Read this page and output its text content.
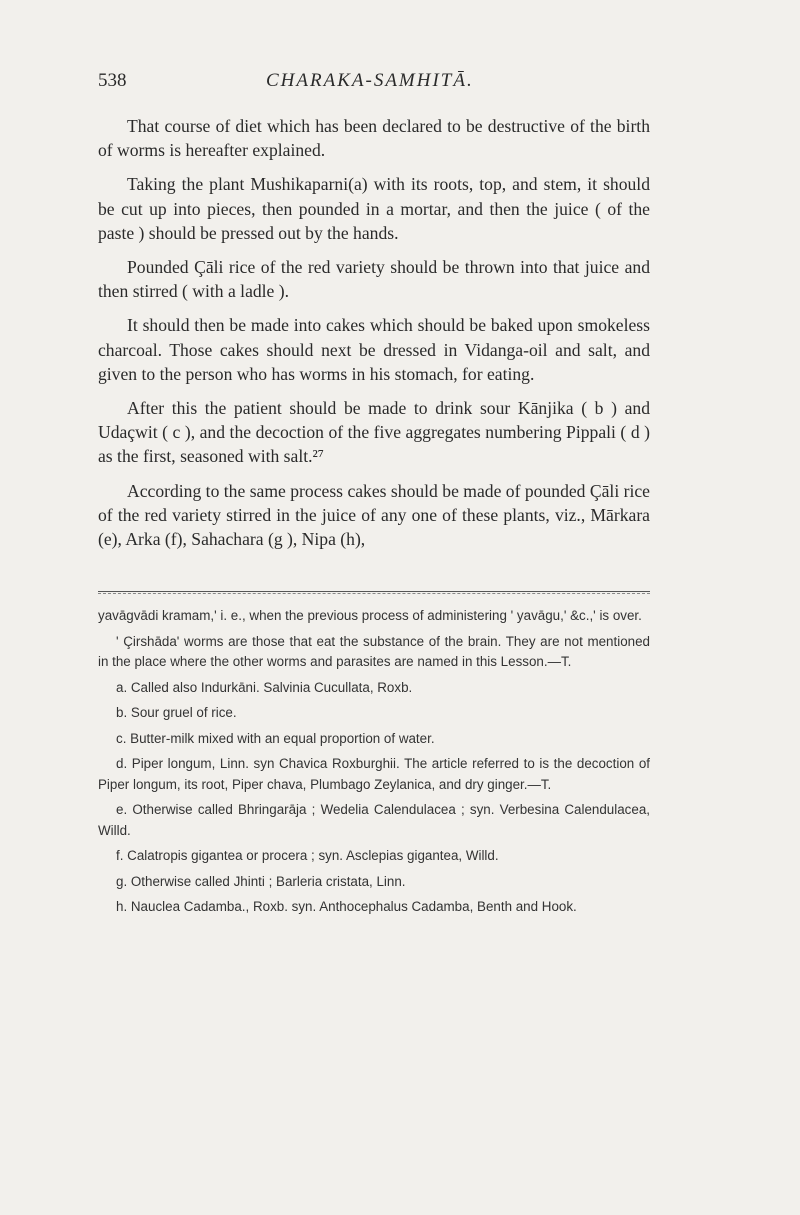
538	CHARAKA-SAMHITĀ.

That course of diet which has been declared to be destructive of the birth of worms is hereafter explained.

Taking the plant Mushikaparni(a) with its roots, top, and stem, it should be cut up into pieces, then pounded in a mortar, and then the juice ( of the paste ) should be pressed out by the hands.

Pounded Çāli rice of the red variety should be thrown into that juice and then stirred ( with a ladle ).

It should then be made into cakes which should be baked upon smokeless charcoal. Those cakes should next be dressed in Vidanga-oil and salt, and given to the person who has worms in his stomach, for eating.

After this the patient should be made to drink sour Kānjika ( b ) and Udaçwit ( c ), and the decoction of the five aggregates numbering Pippali ( d ) as the first, seasoned with salt.²⁷

According to the same process cakes should be made of pounded Çāli rice of the red variety stirred in the juice of any one of these plants, viz., Mārkara (e), Arka (f), Sahachara (g ), Nipa (h),

yavāgvādi kramam,' i. e., when the previous process of administering ' yavāgu,' &c.,' is over.

' Çirshāda' worms are those that eat the substance of the brain. They are not mentioned in the place where the other worms and parasites are named in this Lesson.—T.

a. Called also Indurkāni. Salvinia Cucullata, Roxb.

b. Sour gruel of rice.

c. Butter-milk mixed with an equal proportion of water.

d. Piper longum, Linn. syn Chavica Roxburghii. The article referred to is the decoction of Piper longum, its root, Piper chava, Plumbago Zeylanica, and dry ginger.—T.

e. Otherwise called Bhringarāja ; Wedelia Calendulacea ; syn. Verbesina Calendulacea, Willd.

f. Calatropis gigantea or procera ; syn. Asclepias gigantea, Willd.

g. Otherwise called Jhinti ; Barleria cristata, Linn.

h. Nauclea Cadamba., Roxb. syn. Anthocephalus Cadamba, Benth and Hook.
